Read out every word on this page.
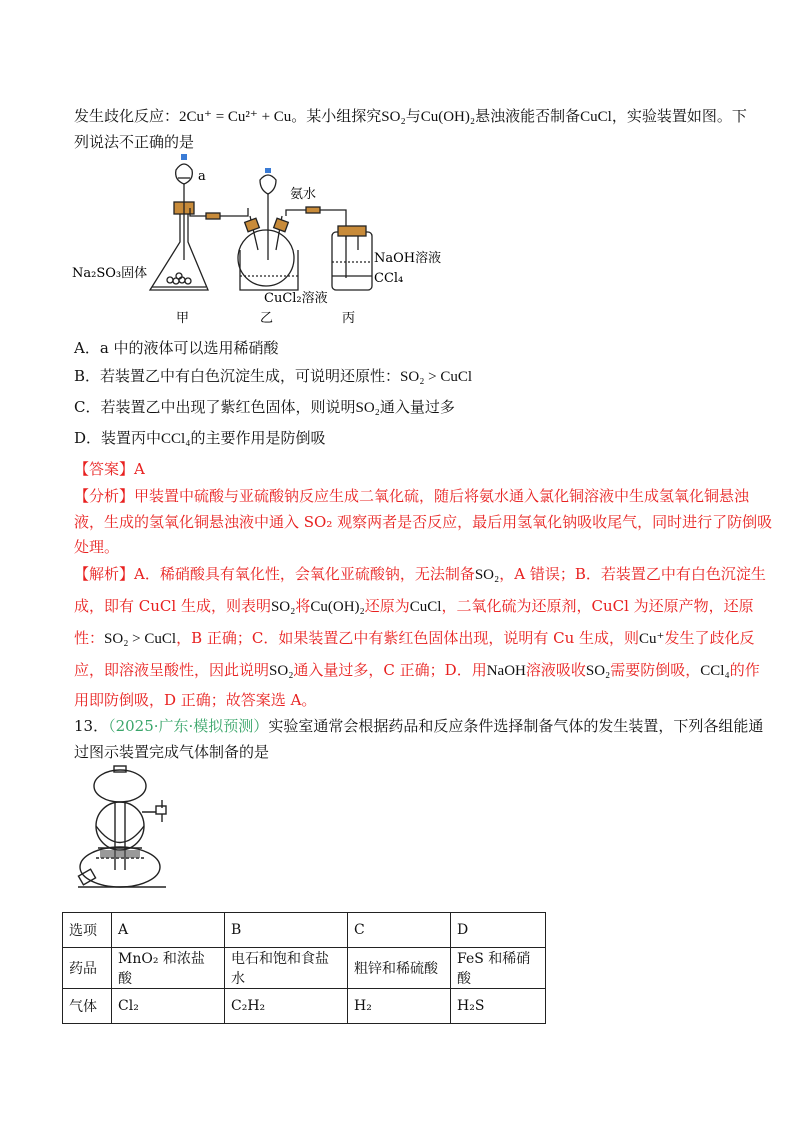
发生歧化反应：2Cu⁺ = Cu²⁺ + Cu。某小组探究SO₂与Cu(OH)₂悬浊液能否制备CuCl，实验装置如图。下
列说法不正确的是
a
氨水
NaOH溶液
CCl₄
Na₂SO₃固体
CuCl₂溶液
甲	乙	丙
A．a 中的液体可以选用稀硝酸
B．若装置乙中有白色沉淀生成，可说明还原性：SO₂ > CuCl
C．若装置乙中出现了紫红色固体，则说明SO₂通入量过多
D．装置丙中CCl₄的主要作用是防倒吸
【答案】A
【分析】甲装置中硫酸与亚硫酸钠反应生成二氧化硫，随后将氨水通入氯化铜溶液中生成氢氧化铜悬浊
液，生成的氢氧化铜悬浊液中通入 SO₂ 观察两者是否反应，最后用氢氧化钠吸收尾气，同时进行了防倒吸
处理。
【解析】A．稀硝酸具有氧化性，会氧化亚硫酸钠，无法制备SO₂，A 错误；B．若装置乙中有白色沉淀生
成，即有 CuCl 生成，则表明SO₂将Cu(OH)₂还原为CuCl，二氧化硫为还原剂，CuCl 为还原产物，还原
性：SO₂ > CuCl，B 正确；C．如果装置乙中有紫红色固体出现，说明有 Cu 生成，则Cu⁺发生了歧化反
应，即溶液呈酸性，因此说明SO₂通入量过多，C 正确；D．用NaOH溶液吸收SO₂需要防倒吸，CCl₄的作
用即防倒吸，D 正确；故答案选 A。
13．（2025·广东·模拟预测）实验室通常会根据药品和反应条件选择制备气体的发生装置，下列各组能通
过图示装置完成气体制备的是
选项	A	B	C	D
药品	MnO₂ 和浓盐酸	电石和饱和食盐水	粗锌和稀硫酸	FeS 和稀硝酸
气体	Cl₂	C₂H₂	H₂	H₂S
